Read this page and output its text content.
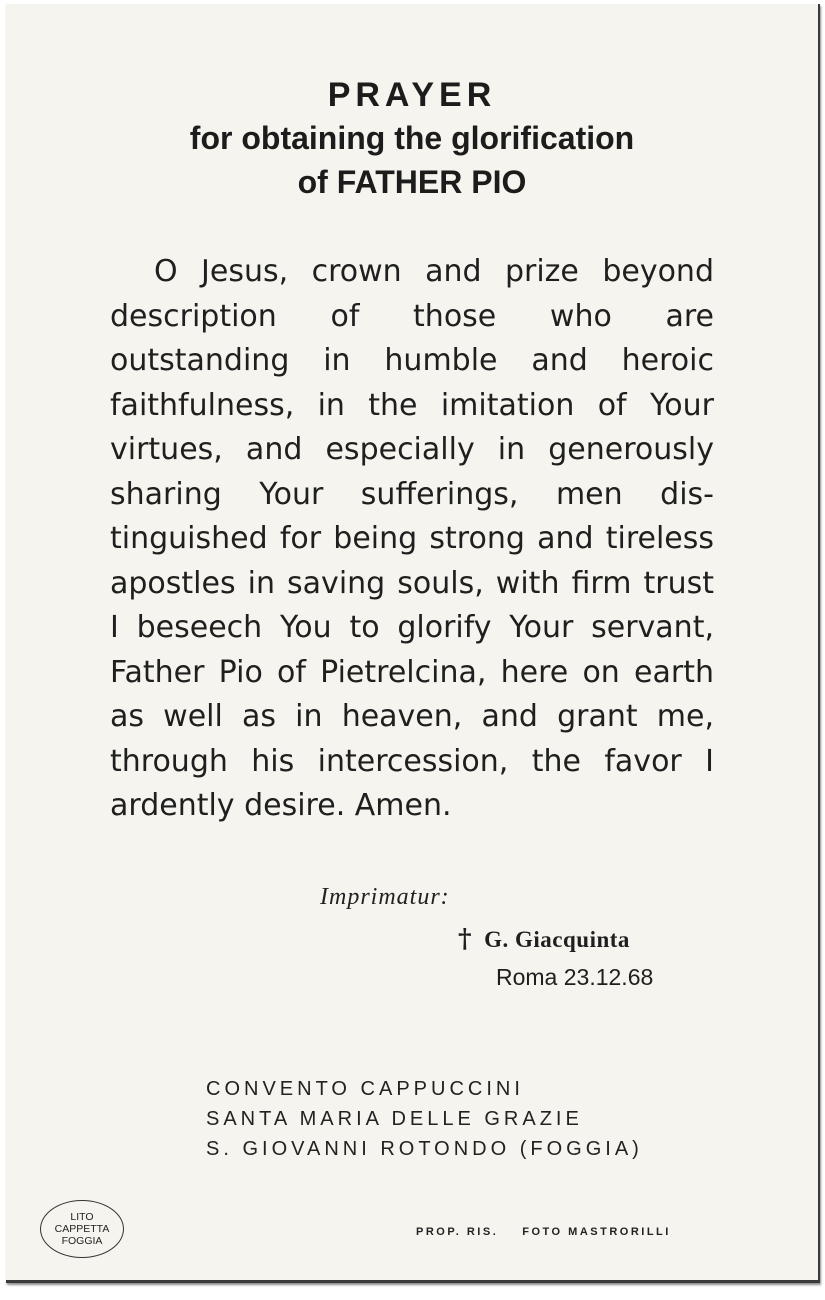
PRAYER
for obtaining the glorification
of FATHER PIO
O Jesus, crown and prize beyond description of those who are outstanding in humble and heroic faithfulness, in the imitation of Your virtues, and especially in generously sharing Your sufferings, men dis-tinguished for being strong and tireless apostles in saving souls, with firm trust I beseech You to glorify Your servant, Father Pio of Pietrelcina, here on earth as well as in heaven, and grant me, through his intercession, the favor I ardently desire. Amen.
Imprimatur:
† G. Giacquinta
Roma 23.12.68
CONVENTO CAPPUCCINI
SANTA MARIA DELLE GRAZIE
S. GIOVANNI ROTONDO (FOGGIA)
LITO
CAPPETTA
FOGGIA
PROP. RIS. FOTO MASTRORILLI
